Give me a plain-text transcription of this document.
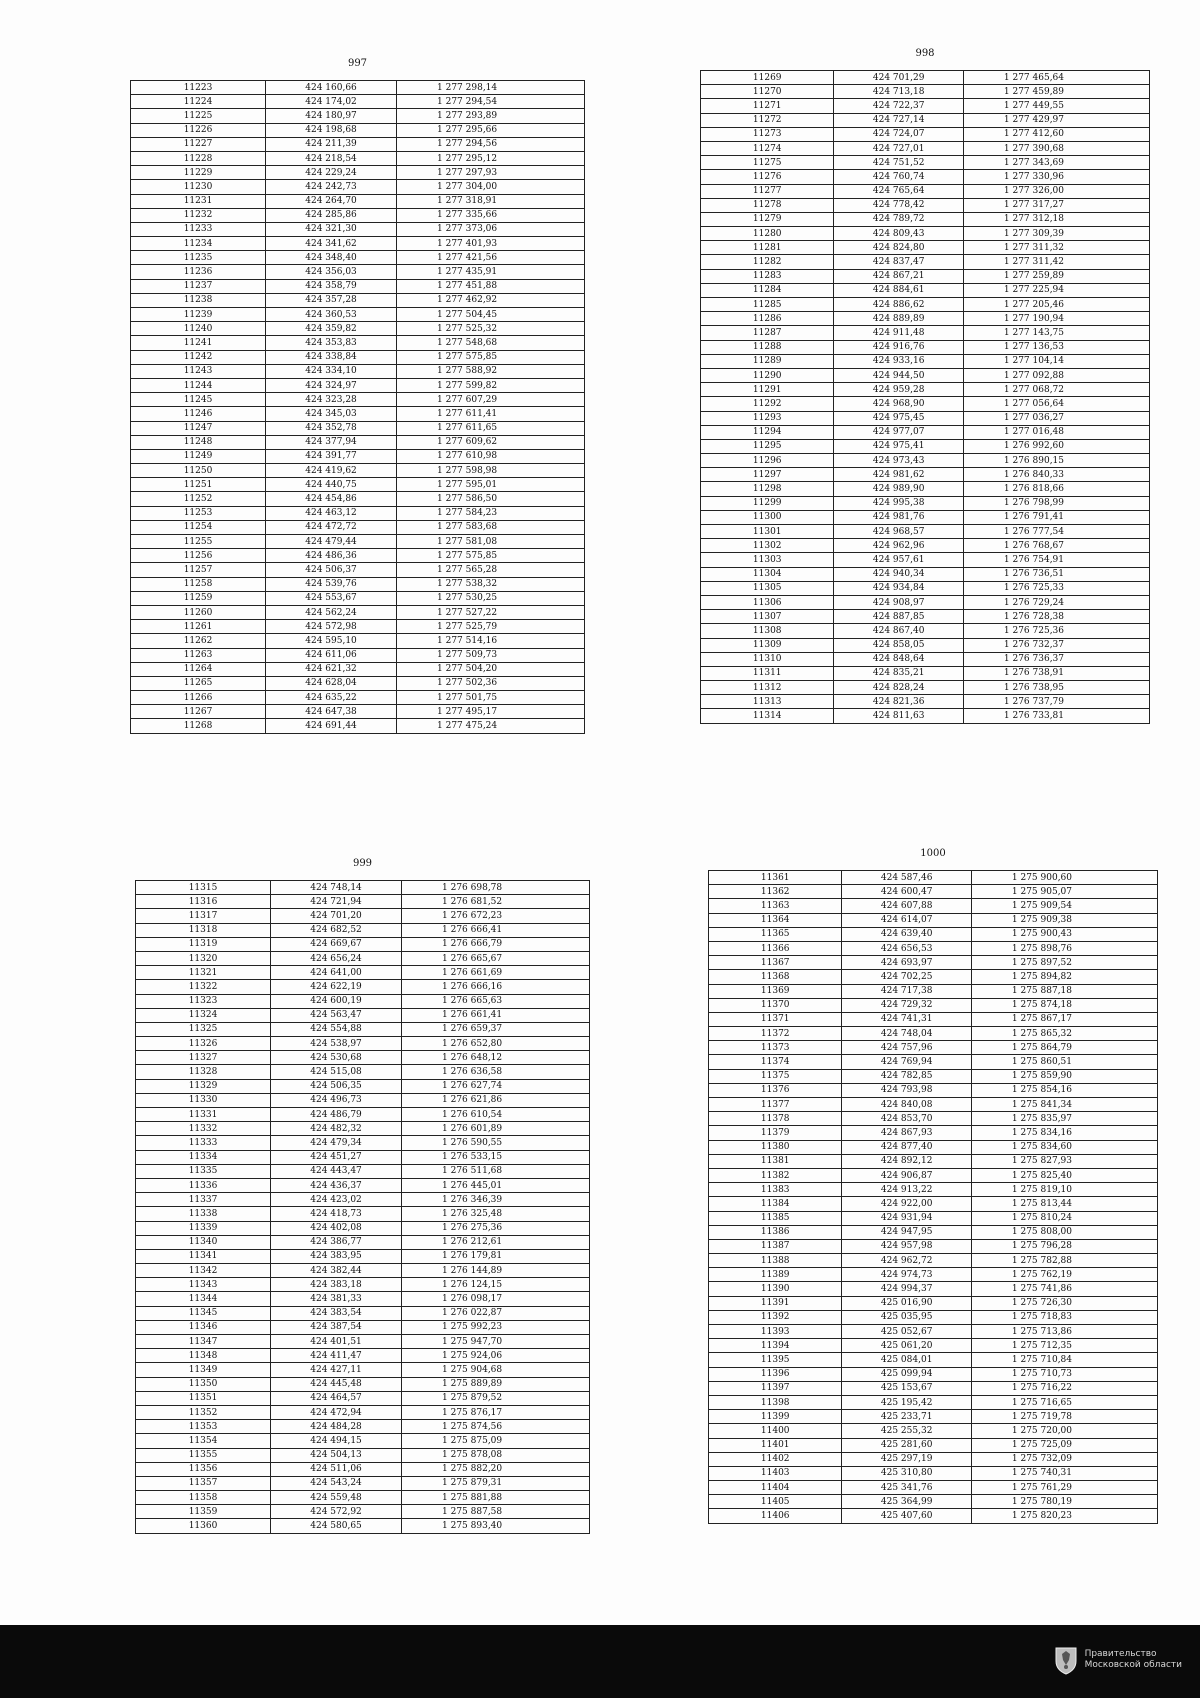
997
11223	424 160,66	1 277 298,14
11224	424 174,02	1 277 294,54
11225	424 180,97	1 277 293,89
11226	424 198,68	1 277 295,66
11227	424 211,39	1 277 294,56
11228	424 218,54	1 277 295,12
11229	424 229,24	1 277 297,93
11230	424 242,73	1 277 304,00
11231	424 264,70	1 277 318,91
11232	424 285,86	1 277 335,66
11233	424 321,30	1 277 373,06
11234	424 341,62	1 277 401,93
11235	424 348,40	1 277 421,56
11236	424 356,03	1 277 435,91
11237	424 358,79	1 277 451,88
11238	424 357,28	1 277 462,92
11239	424 360,53	1 277 504,45
11240	424 359,82	1 277 525,32
11241	424 353,83	1 277 548,68
11242	424 338,84	1 277 575,85
11243	424 334,10	1 277 588,92
11244	424 324,97	1 277 599,82
11245	424 323,28	1 277 607,29
11246	424 345,03	1 277 611,41
11247	424 352,78	1 277 611,65
11248	424 377,94	1 277 609,62
11249	424 391,77	1 277 610,98
11250	424 419,62	1 277 598,98
11251	424 440,75	1 277 595,01
11252	424 454,86	1 277 586,50
11253	424 463,12	1 277 584,23
11254	424 472,72	1 277 583,68
11255	424 479,44	1 277 581,08
11256	424 486,36	1 277 575,85
11257	424 506,37	1 277 565,28
11258	424 539,76	1 277 538,32
11259	424 553,67	1 277 530,25
11260	424 562,24	1 277 527,22
11261	424 572,98	1 277 525,79
11262	424 595,10	1 277 514,16
11263	424 611,06	1 277 509,73
11264	424 621,32	1 277 504,20
11265	424 628,04	1 277 502,36
11266	424 635,22	1 277 501,75
11267	424 647,38	1 277 495,17
11268	424 691,44	1 277 475,24
998
11269	424 701,29	1 277 465,64
11270	424 713,18	1 277 459,89
11271	424 722,37	1 277 449,55
11272	424 727,14	1 277 429,97
11273	424 724,07	1 277 412,60
11274	424 727,01	1 277 390,68
11275	424 751,52	1 277 343,69
11276	424 760,74	1 277 330,96
11277	424 765,64	1 277 326,00
11278	424 778,42	1 277 317,27
11279	424 789,72	1 277 312,18
11280	424 809,43	1 277 309,39
11281	424 824,80	1 277 311,32
11282	424 837,47	1 277 311,42
11283	424 867,21	1 277 259,89
11284	424 884,61	1 277 225,94
11285	424 886,62	1 277 205,46
11286	424 889,89	1 277 190,94
11287	424 911,48	1 277 143,75
11288	424 916,76	1 277 136,53
11289	424 933,16	1 277 104,14
11290	424 944,50	1 277 092,88
11291	424 959,28	1 277 068,72
11292	424 968,90	1 277 056,64
11293	424 975,45	1 277 036,27
11294	424 977,07	1 277 016,48
11295	424 975,41	1 276 992,60
11296	424 973,43	1 276 890,15
11297	424 981,62	1 276 840,33
11298	424 989,90	1 276 818,66
11299	424 995,38	1 276 798,99
11300	424 981,76	1 276 791,41
11301	424 968,57	1 276 777,54
11302	424 962,96	1 276 768,67
11303	424 957,61	1 276 754,91
11304	424 940,34	1 276 736,51
11305	424 934,84	1 276 725,33
11306	424 908,97	1 276 729,24
11307	424 887,85	1 276 728,38
11308	424 867,40	1 276 725,36
11309	424 858,05	1 276 732,37
11310	424 848,64	1 276 736,37
11311	424 835,21	1 276 738,91
11312	424 828,24	1 276 738,95
11313	424 821,36	1 276 737,79
11314	424 811,63	1 276 733,81
999
11315	424 748,14	1 276 698,78
11316	424 721,94	1 276 681,52
11317	424 701,20	1 276 672,23
11318	424 682,52	1 276 666,41
11319	424 669,67	1 276 666,79
11320	424 656,24	1 276 665,67
11321	424 641,00	1 276 661,69
11322	424 622,19	1 276 666,16
11323	424 600,19	1 276 665,63
11324	424 563,47	1 276 661,41
11325	424 554,88	1 276 659,37
11326	424 538,97	1 276 652,80
11327	424 530,68	1 276 648,12
11328	424 515,08	1 276 636,58
11329	424 506,35	1 276 627,74
11330	424 496,73	1 276 621,86
11331	424 486,79	1 276 610,54
11332	424 482,32	1 276 601,89
11333	424 479,34	1 276 590,55
11334	424 451,27	1 276 533,15
11335	424 443,47	1 276 511,68
11336	424 436,37	1 276 445,01
11337	424 423,02	1 276 346,39
11338	424 418,73	1 276 325,48
11339	424 402,08	1 276 275,36
11340	424 386,77	1 276 212,61
11341	424 383,95	1 276 179,81
11342	424 382,44	1 276 144,89
11343	424 383,18	1 276 124,15
11344	424 381,33	1 276 098,17
11345	424 383,54	1 276 022,87
11346	424 387,54	1 275 992,23
11347	424 401,51	1 275 947,70
11348	424 411,47	1 275 924,06
11349	424 427,11	1 275 904,68
11350	424 445,48	1 275 889,89
11351	424 464,57	1 275 879,52
11352	424 472,94	1 275 876,17
11353	424 484,28	1 275 874,56
11354	424 494,15	1 275 875,09
11355	424 504,13	1 275 878,08
11356	424 511,06	1 275 882,20
11357	424 543,24	1 275 879,31
11358	424 559,48	1 275 881,88
11359	424 572,92	1 275 887,58
11360	424 580,65	1 275 893,40
1000
11361	424 587,46	1 275 900,60
11362	424 600,47	1 275 905,07
11363	424 607,88	1 275 909,54
11364	424 614,07	1 275 909,38
11365	424 639,40	1 275 900,43
11366	424 656,53	1 275 898,76
11367	424 693,97	1 275 897,52
11368	424 702,25	1 275 894,82
11369	424 717,38	1 275 887,18
11370	424 729,32	1 275 874,18
11371	424 741,31	1 275 867,17
11372	424 748,04	1 275 865,32
11373	424 757,96	1 275 864,79
11374	424 769,94	1 275 860,51
11375	424 782,85	1 275 859,90
11376	424 793,98	1 275 854,16
11377	424 840,08	1 275 841,34
11378	424 853,70	1 275 835,97
11379	424 867,93	1 275 834,16
11380	424 877,40	1 275 834,60
11381	424 892,12	1 275 827,93
11382	424 906,87	1 275 825,40
11383	424 913,22	1 275 819,10
11384	424 922,00	1 275 813,44
11385	424 931,94	1 275 810,24
11386	424 947,95	1 275 808,00
11387	424 957,98	1 275 796,28
11388	424 962,72	1 275 782,88
11389	424 974,73	1 275 762,19
11390	424 994,37	1 275 741,86
11391	425 016,90	1 275 726,30
11392	425 035,95	1 275 718,83
11393	425 052,67	1 275 713,86
11394	425 061,20	1 275 712,35
11395	425 084,01	1 275 710,84
11396	425 099,94	1 275 710,73
11397	425 153,67	1 275 716,22
11398	425 195,42	1 275 716,65
11399	425 233,71	1 275 719,78
11400	425 255,32	1 275 720,00
11401	425 281,60	1 275 725,09
11402	425 297,19	1 275 732,09
11403	425 310,80	1 275 740,31
11404	425 341,76	1 275 761,29
11405	425 364,99	1 275 780,19
11406	425 407,60	1 275 820,23
Правительство
Московской области
